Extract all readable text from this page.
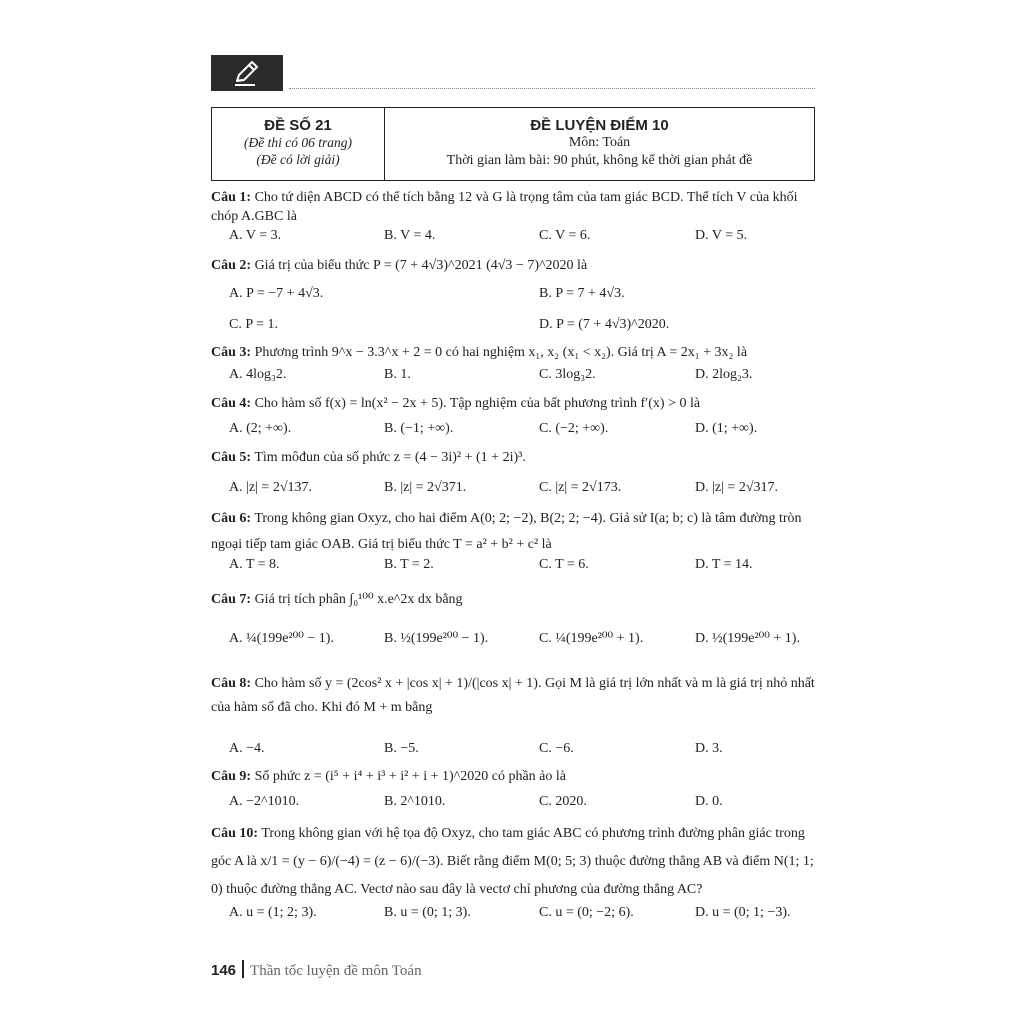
ĐỀ SỐ 21
(Đề thi có 06 trang)
(Đề có lời giải)
ĐỀ LUYỆN ĐIỂM 10
Môn: Toán
Thời gian làm bài: 90 phút, không kể thời gian phát đề
Câu 1: Cho tứ diện ABCD có thể tích bằng 12 và G là trọng tâm của tam giác BCD. Thể tích V của khối chóp A.GBC là
A. V = 3.	B. V = 4.	C. V = 6.	D. V = 5.
Câu 2: Giá trị của biểu thức P = (7 + 4√3)^2021 (4√3 − 7)^2020 là
A. P = −7 + 4√3.	B. P = 7 + 4√3.
C. P = 1.	D. P = (7 + 4√3)^2020.
Câu 3: Phương trình 9^x − 3.3^x + 2 = 0 có hai nghiệm x₁, x₂ (x₁ < x₂). Giá trị A = 2x₁ + 3x₂ là
A. 4log₃2.	B. 1.	C. 3log₃2.	D. 2log₂3.
Câu 4: Cho hàm số f(x) = ln(x² − 2x + 5). Tập nghiệm của bất phương trình f′(x) > 0 là
A. (2; +∞).	B. (−1; +∞).	C. (−2; +∞).	D. (1; +∞).
Câu 5: Tìm môđun của số phức z = (4 − 3i)² + (1 + 2i)³.
A. |z| = 2√137.	B. |z| = 2√371.	C. |z| = 2√173.	D. |z| = 2√317.
Câu 6: Trong không gian Oxyz, cho hai điểm A(0; 2; −2), B(2; 2; −4). Giả sử I(a; b; c) là tâm đường tròn ngoại tiếp tam giác OAB. Giá trị biểu thức T = a² + b² + c² là
A. T = 8.	B. T = 2.	C. T = 6.	D. T = 14.
Câu 7: Giá trị tích phân ∫₀¹⁰⁰ x.e^2x dx bằng
A. ¼(199e²⁰⁰ − 1).	B. ½(199e²⁰⁰ − 1).	C. ¼(199e²⁰⁰ + 1).	D. ½(199e²⁰⁰ + 1).
Câu 8: Cho hàm số y = (2cos² x + |cos x| + 1)/(|cos x| + 1). Gọi M là giá trị lớn nhất và m là giá trị nhỏ nhất của hàm số đã cho. Khi đó M + m bằng
A. −4.	B. −5.	C. −6.	D. 3.
Câu 9: Số phức z = (i⁵ + i⁴ + i³ + i² + i + 1)^2020 có phần ảo là
A. −2^1010.	B. 2^1010.	C. 2020.	D. 0.
Câu 10: Trong không gian với hệ tọa độ Oxyz, cho tam giác ABC có phương trình đường phân giác trong góc A là x/1 = (y − 6)/(−4) = (z − 6)/(−3). Biết rằng điểm M(0; 5; 3) thuộc đường thẳng AB và điểm N(1; 1; 0) thuộc đường thẳng AC. Vectơ nào sau đây là vectơ chỉ phương của đường thẳng AC?
A. u = (1; 2; 3).	B. u = (0; 1; 3).	C. u = (0; −2; 6).	D. u = (0; 1; −3).
146 Thần tốc luyện đề môn Toán
